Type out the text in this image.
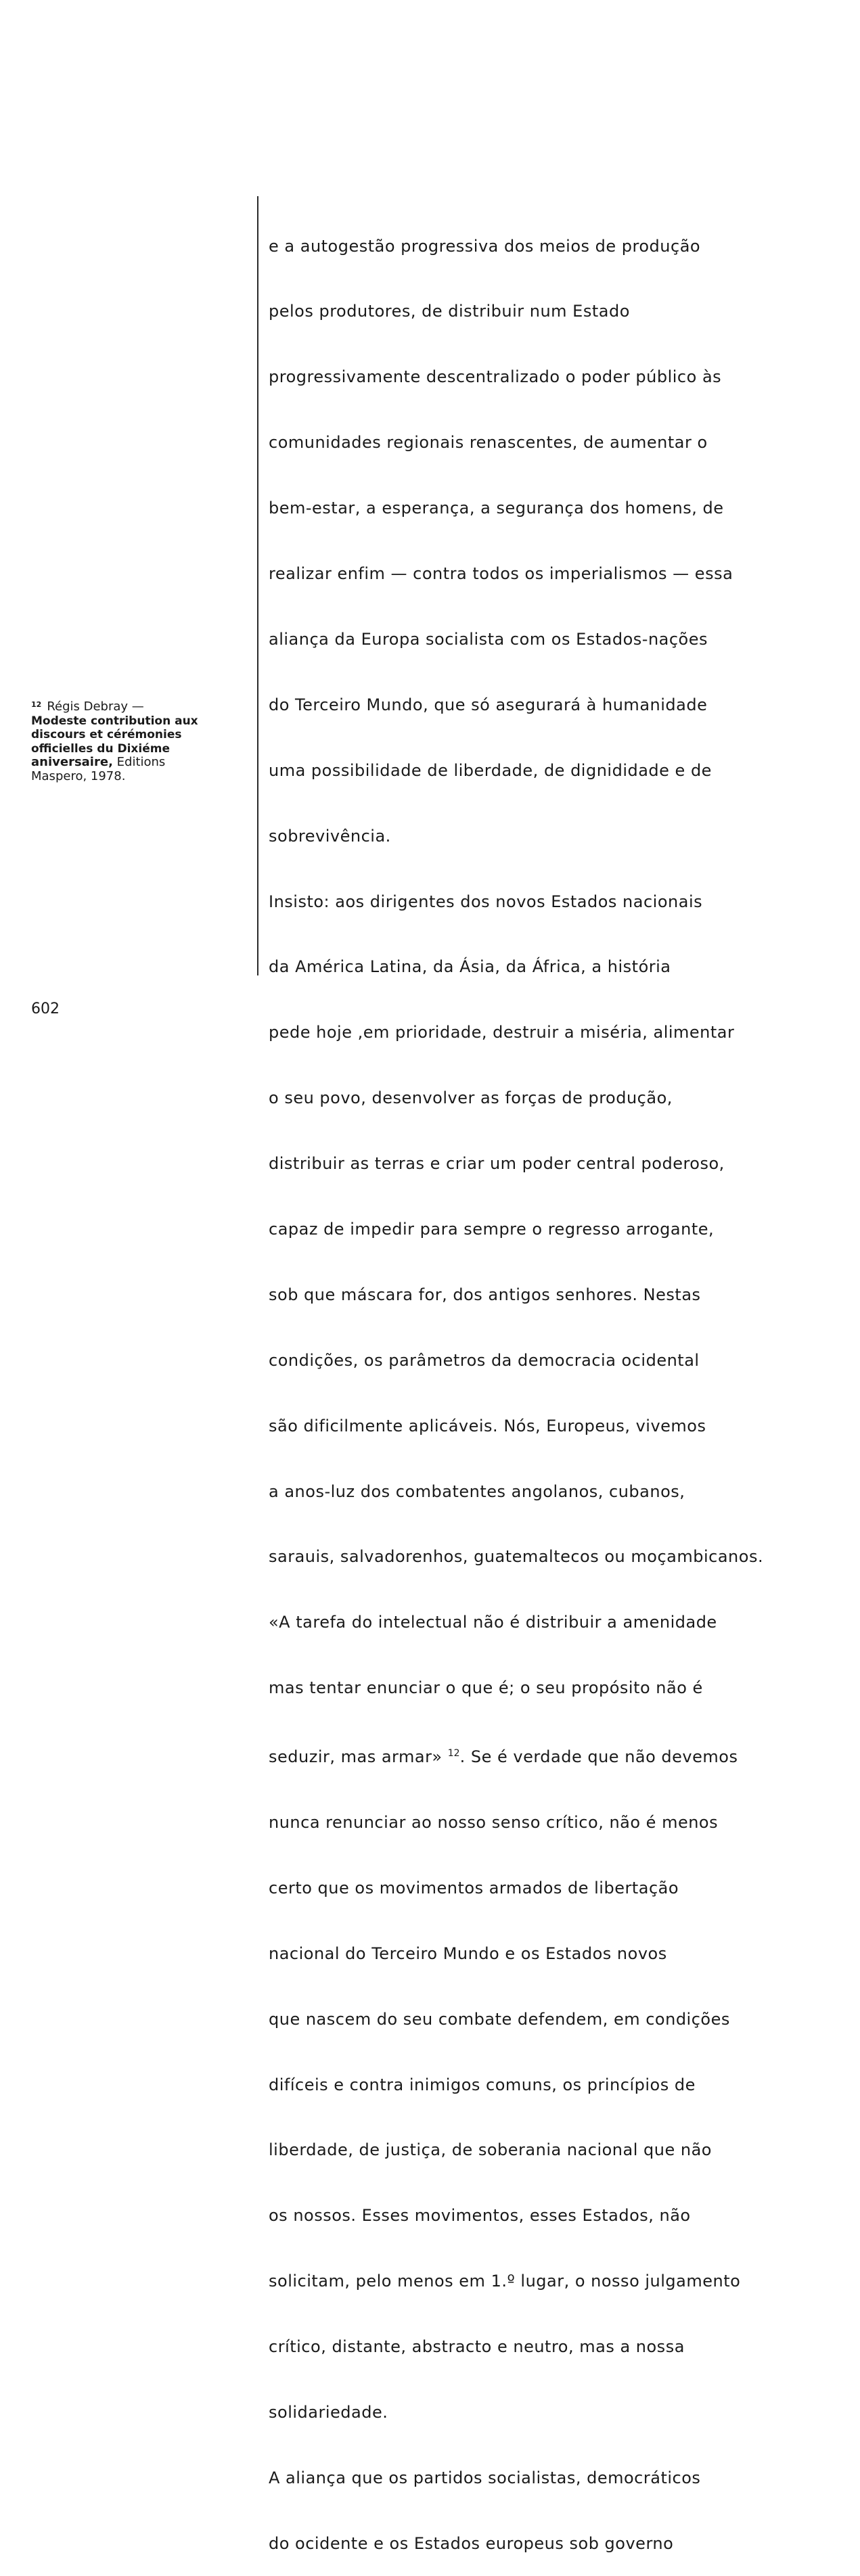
e a autogestão progressiva dos meios de produção

pelos produtores, de distribuir num Estado

progressivamente descentralizado o poder público às

comunidades regionais renascentes, de aumentar o

bem-estar, a esperança, a segurança dos homens, de

realizar enfim — contra todos os imperialismos — essa

aliança da Europa socialista com os Estados-nações

do Terceiro Mundo, que só asegurará à humanidade

uma possibilidade de liberdade, de dignididade e de

sobrevivência.

Insisto: aos dirigentes dos novos Estados nacionais

da América Latina, da Ásia, da África, a história

pede hoje ,em prioridade, destruir a miséria, alimentar

o seu povo, desenvolver as forças de produção,

distribuir as terras e criar um poder central poderoso,

capaz de impedir para sempre o regresso arrogante,

sob que máscara for, dos antigos senhores. Nestas

condições, os parâmetros da democracia ocidental

são dificilmente aplicáveis. Nós, Europeus, vivemos

a anos-luz dos combatentes angolanos, cubanos,

sarauis, salvadorenhos, guatemaltecos ou moçambicanos.

«A tarefa do intelectual não é distribuir a amenidade

mas tentar enunciar o que é; o seu propósito não é

seduzir, mas armar» $^{12}$. Se é verdade que não devemos

nunca renunciar ao nosso senso crítico, não é menos

certo que os movimentos armados de libertação

nacional do Terceiro Mundo e os Estados novos

que nascem do seu combate defendem, em condições

difíceis e contra inimigos comuns, os princípios de

liberdade, de justiça, de soberania nacional que não

os nossos. Esses movimentos, esses Estados, não

solicitam, pelo menos em 1.º lugar, o nosso julgamento

crítico, distante, abstracto e neutro, mas a nossa

solidariedade.

A aliança que os partidos socialistas, democráticos

do ocidente e os Estados europeus sob governo

$^{12}$ Régis Debray —
Modeste contribution aux
discours et cérémonies
officielles du Dixiéme
aniversaire, Editions
Maspero, 1978.
602
